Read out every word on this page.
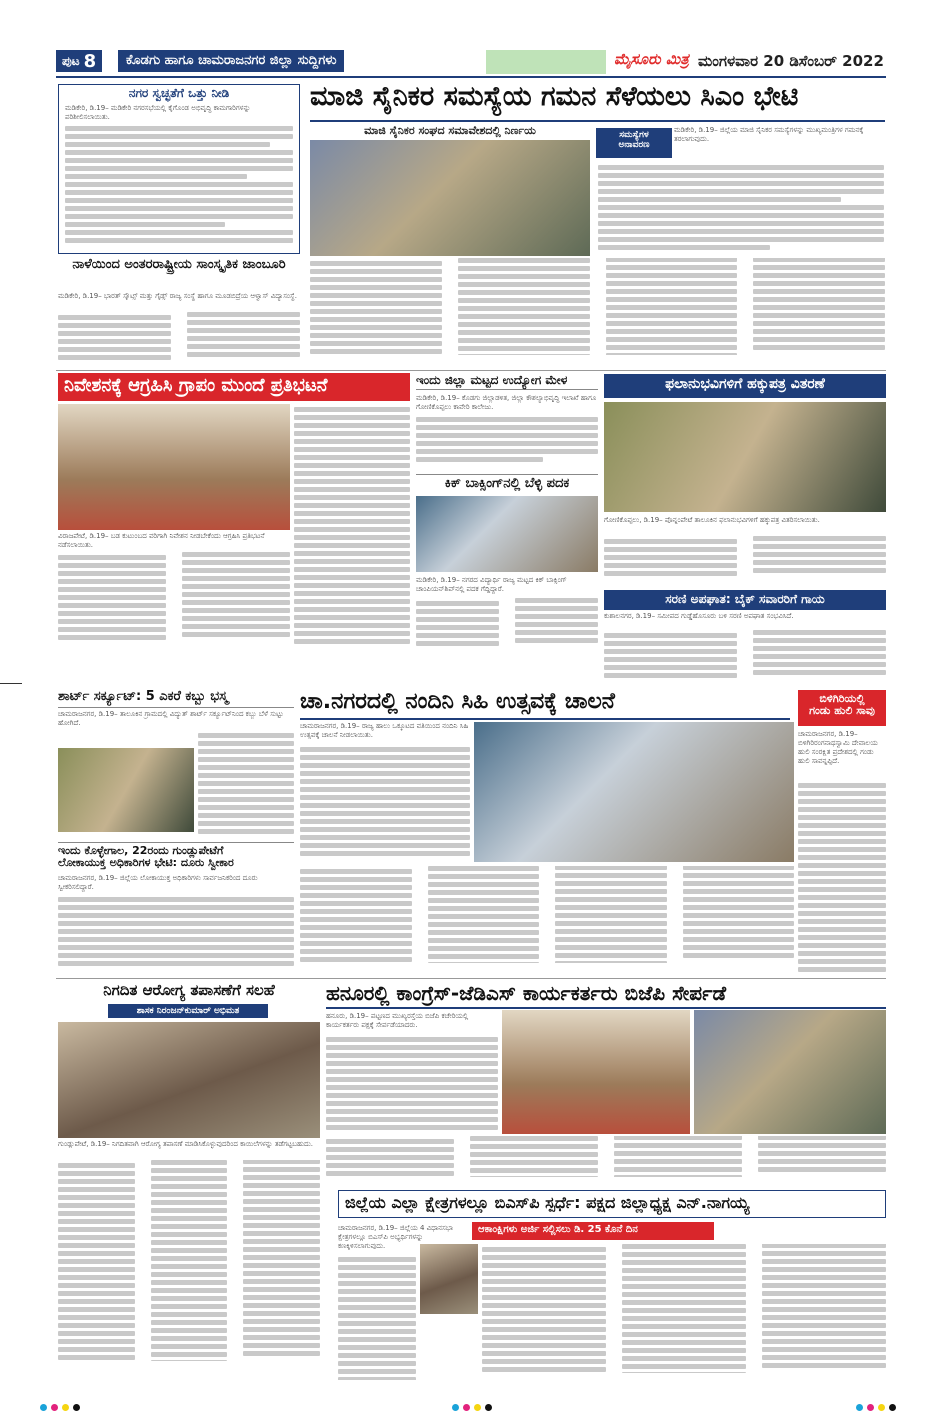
ಪುಟ 8	ಕೊಡಗು ಹಾಗೂ ಚಾಮರಾಜನಗರ ಜಿಲ್ಲಾ ಸುದ್ದಿಗಳು	ಮೈಸೂರು ಮಿತ್ರ ಮಂಗಳವಾರ 20 ಡಿಸೆಂಬರ್ 2022
ನಗರ ಸ್ವಚ್ಛತೆಗೆ ಒತ್ತು ನೀಡಿ
ಮಡಿಕೇರಿ, ಡಿ.19– ಮಡಿಕೇರಿ ನಗರಸಭೆಯಲ್ಲಿ ಕೈಗೊಂಡ ಅಭಿವೃದ್ಧಿ ಕಾಮಗಾರಿಗಳನ್ನು ಪರಿಶೀಲಿಸಲಾಯಿತು.
ಮಾಜಿ ಸೈನಿಕರ ಸಮಸ್ಯೆಯ ಗಮನ ಸೆಳೆಯಲು ಸಿಎಂ ಭೇಟಿ
ಮಾಜಿ ಸೈನಿಕರ ಸಂಘದ ಸಮಾವೇಶದಲ್ಲಿ ನಿರ್ಣಯ	ಸಮಸ್ಯೆಗಳ
ಅನಾವರಣ
ಮಡಿಕೇರಿ, ಡಿ.19– ಜಿಲ್ಲೆಯ ಮಾಜಿ ಸೈನಿಕರ ಸಮಸ್ಯೆಗಳನ್ನು ಮುಖ್ಯಮಂತ್ರಿಗಳ ಗಮನಕ್ಕೆ ತರಲಾಗುವುದು.
ನಾಳೆಯಿಂದ ಅಂತರರಾಷ್ಟ್ರೀಯ ಸಾಂಸ್ಕೃತಿಕ ಜಾಂಬೂರಿ
ಮಡಿಕೇರಿ, ಡಿ.19– ಭಾರತ್ ಸ್ಕೌಟ್ಸ್ ಮತ್ತು ಗೈಡ್ಸ್ ರಾಜ್ಯ ಸಂಸ್ಥೆ ಹಾಗೂ ಮೂಡಬಿದ್ರೆಯ ಆಳ್ವಾಸ್ ವಿದ್ಯಾಸಂಸ್ಥೆ.
ನಿವೇಶನಕ್ಕೆ ಆಗ್ರಹಿಸಿ ಗ್ರಾಪಂ ಮುಂದೆ ಪ್ರತಿಭಟನೆ
ವಿರಾಜಪೇಟೆ, ಡಿ.19– ಬಡ ಕುಟುಂಬದ ವರಿಗಾಗಿ ನಿವೇಶನ ನೀಡಬೇಕೆಂದು ಆಗ್ರಹಿಸಿ ಪ್ರತಿಭಟನೆ ನಡೆಸಲಾಯಿತು.
ಇಂದು ಜಿಲ್ಲಾ ಮಟ್ಟದ ಉದ್ಯೋಗ ಮೇಳ
ಮಡಿಕೇರಿ, ಡಿ.19– ಕೊಡಗು ಜಿಲ್ಲಾಡಳಿತ, ಜಿಲ್ಲಾ ಕೌಶಲ್ಯಾಭಿವೃದ್ಧಿ ಇಲಾಖೆ ಹಾಗೂ ಗೋಣಿಕೊಪ್ಪಲು ಕಾವೇರಿ ಕಾಲೇಜು.
ಕಿಕ್ ಬಾಕ್ಸಿಂಗ್‌ನಲ್ಲಿ ಬೆಳ್ಳಿ ಪದಕ
ಮಡಿಕೇರಿ, ಡಿ.19– ನಗರದ ವಿದ್ಯಾರ್ಥಿ ರಾಜ್ಯ ಮಟ್ಟದ ಕಿಕ್ ಬಾಕ್ಸಿಂಗ್ ಚಾಂಪಿಯನ್‌ಶಿಪ್‌ನಲ್ಲಿ ಪದಕ ಗೆದ್ದಿದ್ದಾರೆ.
ಫಲಾನುಭವಿಗಳಿಗೆ ಹಕ್ಕುಪತ್ರ ವಿತರಣೆ
ಗೋಣಿಕೊಪ್ಪಲು, ಡಿ.19– ಪೊನ್ನಂಪೇಟೆ ತಾಲೂಕಿನ ಫಲಾನುಭವಿಗಳಿಗೆ ಹಕ್ಕುಪತ್ರ ವಿತರಿಸಲಾಯಿತು.
ಸರಣಿ ಅಪಘಾತ: ಬೈಕ್ ಸವಾರರಿಗೆ ಗಾಯ
ಕುಶಾಲನಗರ, ಡಿ.19– ಸಮೀಪದ ಗುಡ್ಡೆಹೊಸೂರು ಬಳಿ ಸರಣಿ ಅಪಘಾತ ಸಂಭವಿಸಿದೆ.
ಶಾರ್ಟ್ ಸರ್ಕ್ಯೂಟ್: 5 ಎಕರೆ ಕಬ್ಬು ಭಸ್ಮ
ಚಾಮರಾಜನಗರ, ಡಿ.19– ತಾಲೂಕಿನ ಗ್ರಾಮದಲ್ಲಿ ವಿದ್ಯುತ್ ಶಾರ್ಟ್ ಸರ್ಕ್ಯೂಟ್‌ನಿಂದ ಕಬ್ಬು ಬೆಳೆ ಸುಟ್ಟು ಹೋಗಿದೆ.
ಇಂದು ಕೊಳ್ಳೇಗಾಲ, 22ರಂದು ಗುಂಡ್ಲುಪೇಟೆಗೆ
ಲೋಕಾಯುಕ್ತ ಅಧಿಕಾರಿಗಳ ಭೇಟಿ: ದೂರು ಸ್ವೀಕಾರ
ಚಾಮರಾಜನಗರ, ಡಿ.19– ಜಿಲ್ಲೆಯ ಲೋಕಾಯುಕ್ತ ಅಧಿಕಾರಿಗಳು ಸಾರ್ವಜನಿಕರಿಂದ ದೂರು ಸ್ವೀಕರಿಸಲಿದ್ದಾರೆ.
ಚಾ.ನಗರದಲ್ಲಿ ನಂದಿನಿ ಸಿಹಿ ಉತ್ಸವಕ್ಕೆ ಚಾಲನೆ
ಚಾಮರಾಜನಗರ, ಡಿ.19– ರಾಜ್ಯ ಹಾಲು ಒಕ್ಕೂಟದ ವತಿಯಿಂದ ನಂದಿನಿ ಸಿಹಿ ಉತ್ಸವಕ್ಕೆ ಚಾಲನೆ ನೀಡಲಾಯಿತು.
ಬಿಳಿಗಿರಿಯಲ್ಲಿ
ಗಂಡು ಹುಲಿ ಸಾವು
ಚಾಮರಾಜನಗರ, ಡಿ.19– ಬಿಳಿಗಿರಿರಂಗನಾಥಸ್ವಾಮಿ ದೇವಾಲಯ ಹುಲಿ ಸಂರಕ್ಷಿತ ಪ್ರದೇಶದಲ್ಲಿ ಗಂಡು ಹುಲಿ ಸಾವನ್ನಪ್ಪಿದೆ.
ನಿಗದಿತ ಆರೋಗ್ಯ ತಪಾಸಣೆಗೆ ಸಲಹೆ
ಶಾಸಕ ನಿರಂಜನ್‌ಕುಮಾರ್ ಅಭಿಮತ
ಗುಂಡ್ಲುಪೇಟೆ, ಡಿ.19– ನಿಗದಿತವಾಗಿ ಆರೋಗ್ಯ ತಪಾಸಣೆ ಮಾಡಿಸಿಕೊಳ್ಳುವುದರಿಂದ ಕಾಯಿಲೆಗಳನ್ನು ತಡೆಗಟ್ಟಬಹುದು.
ಹನೂರಲ್ಲಿ ಕಾಂಗ್ರೆಸ್-ಜೆಡಿಎಸ್ ಕಾರ್ಯಕರ್ತರು ಬಿಜೆಪಿ ಸೇರ್ಪಡೆ
ಹನೂರು, ಡಿ.19– ಪಟ್ಟಣದ ಮುಖ್ಯರಸ್ತೆಯ ಬಿಜೆಪಿ ಕಚೇರಿಯಲ್ಲಿ ಕಾರ್ಯಕರ್ತರು ಪಕ್ಷಕ್ಕೆ ಸೇರ್ಪಡೆಯಾದರು.
ಜಿಲ್ಲೆಯ ಎಲ್ಲಾ ಕ್ಷೇತ್ರಗಳಲ್ಲೂ ಬಿಎಸ್‌ಪಿ ಸ್ಪರ್ಧೆ: ಪಕ್ಷದ ಜಿಲ್ಲಾಧ್ಯಕ್ಷ ಎನ್.ನಾಗಯ್ಯ
ಚಾಮರಾಜನಗರ, ಡಿ.19– ಜಿಲ್ಲೆಯ 4 ವಿಧಾನಸಭಾ ಕ್ಷೇತ್ರಗಳಲ್ಲೂ ಬಿಎಸ್‌ಪಿ ಅಭ್ಯರ್ಥಿಗಳನ್ನು ಕಣಕ್ಕಿಳಿಸಲಾಗುವುದು.
ಆಕಾಂಕ್ಷಿಗಳು ಅರ್ಜಿ ಸಲ್ಲಿಸಲು ಡಿ. 25 ಕೊನೆ ದಿನ
